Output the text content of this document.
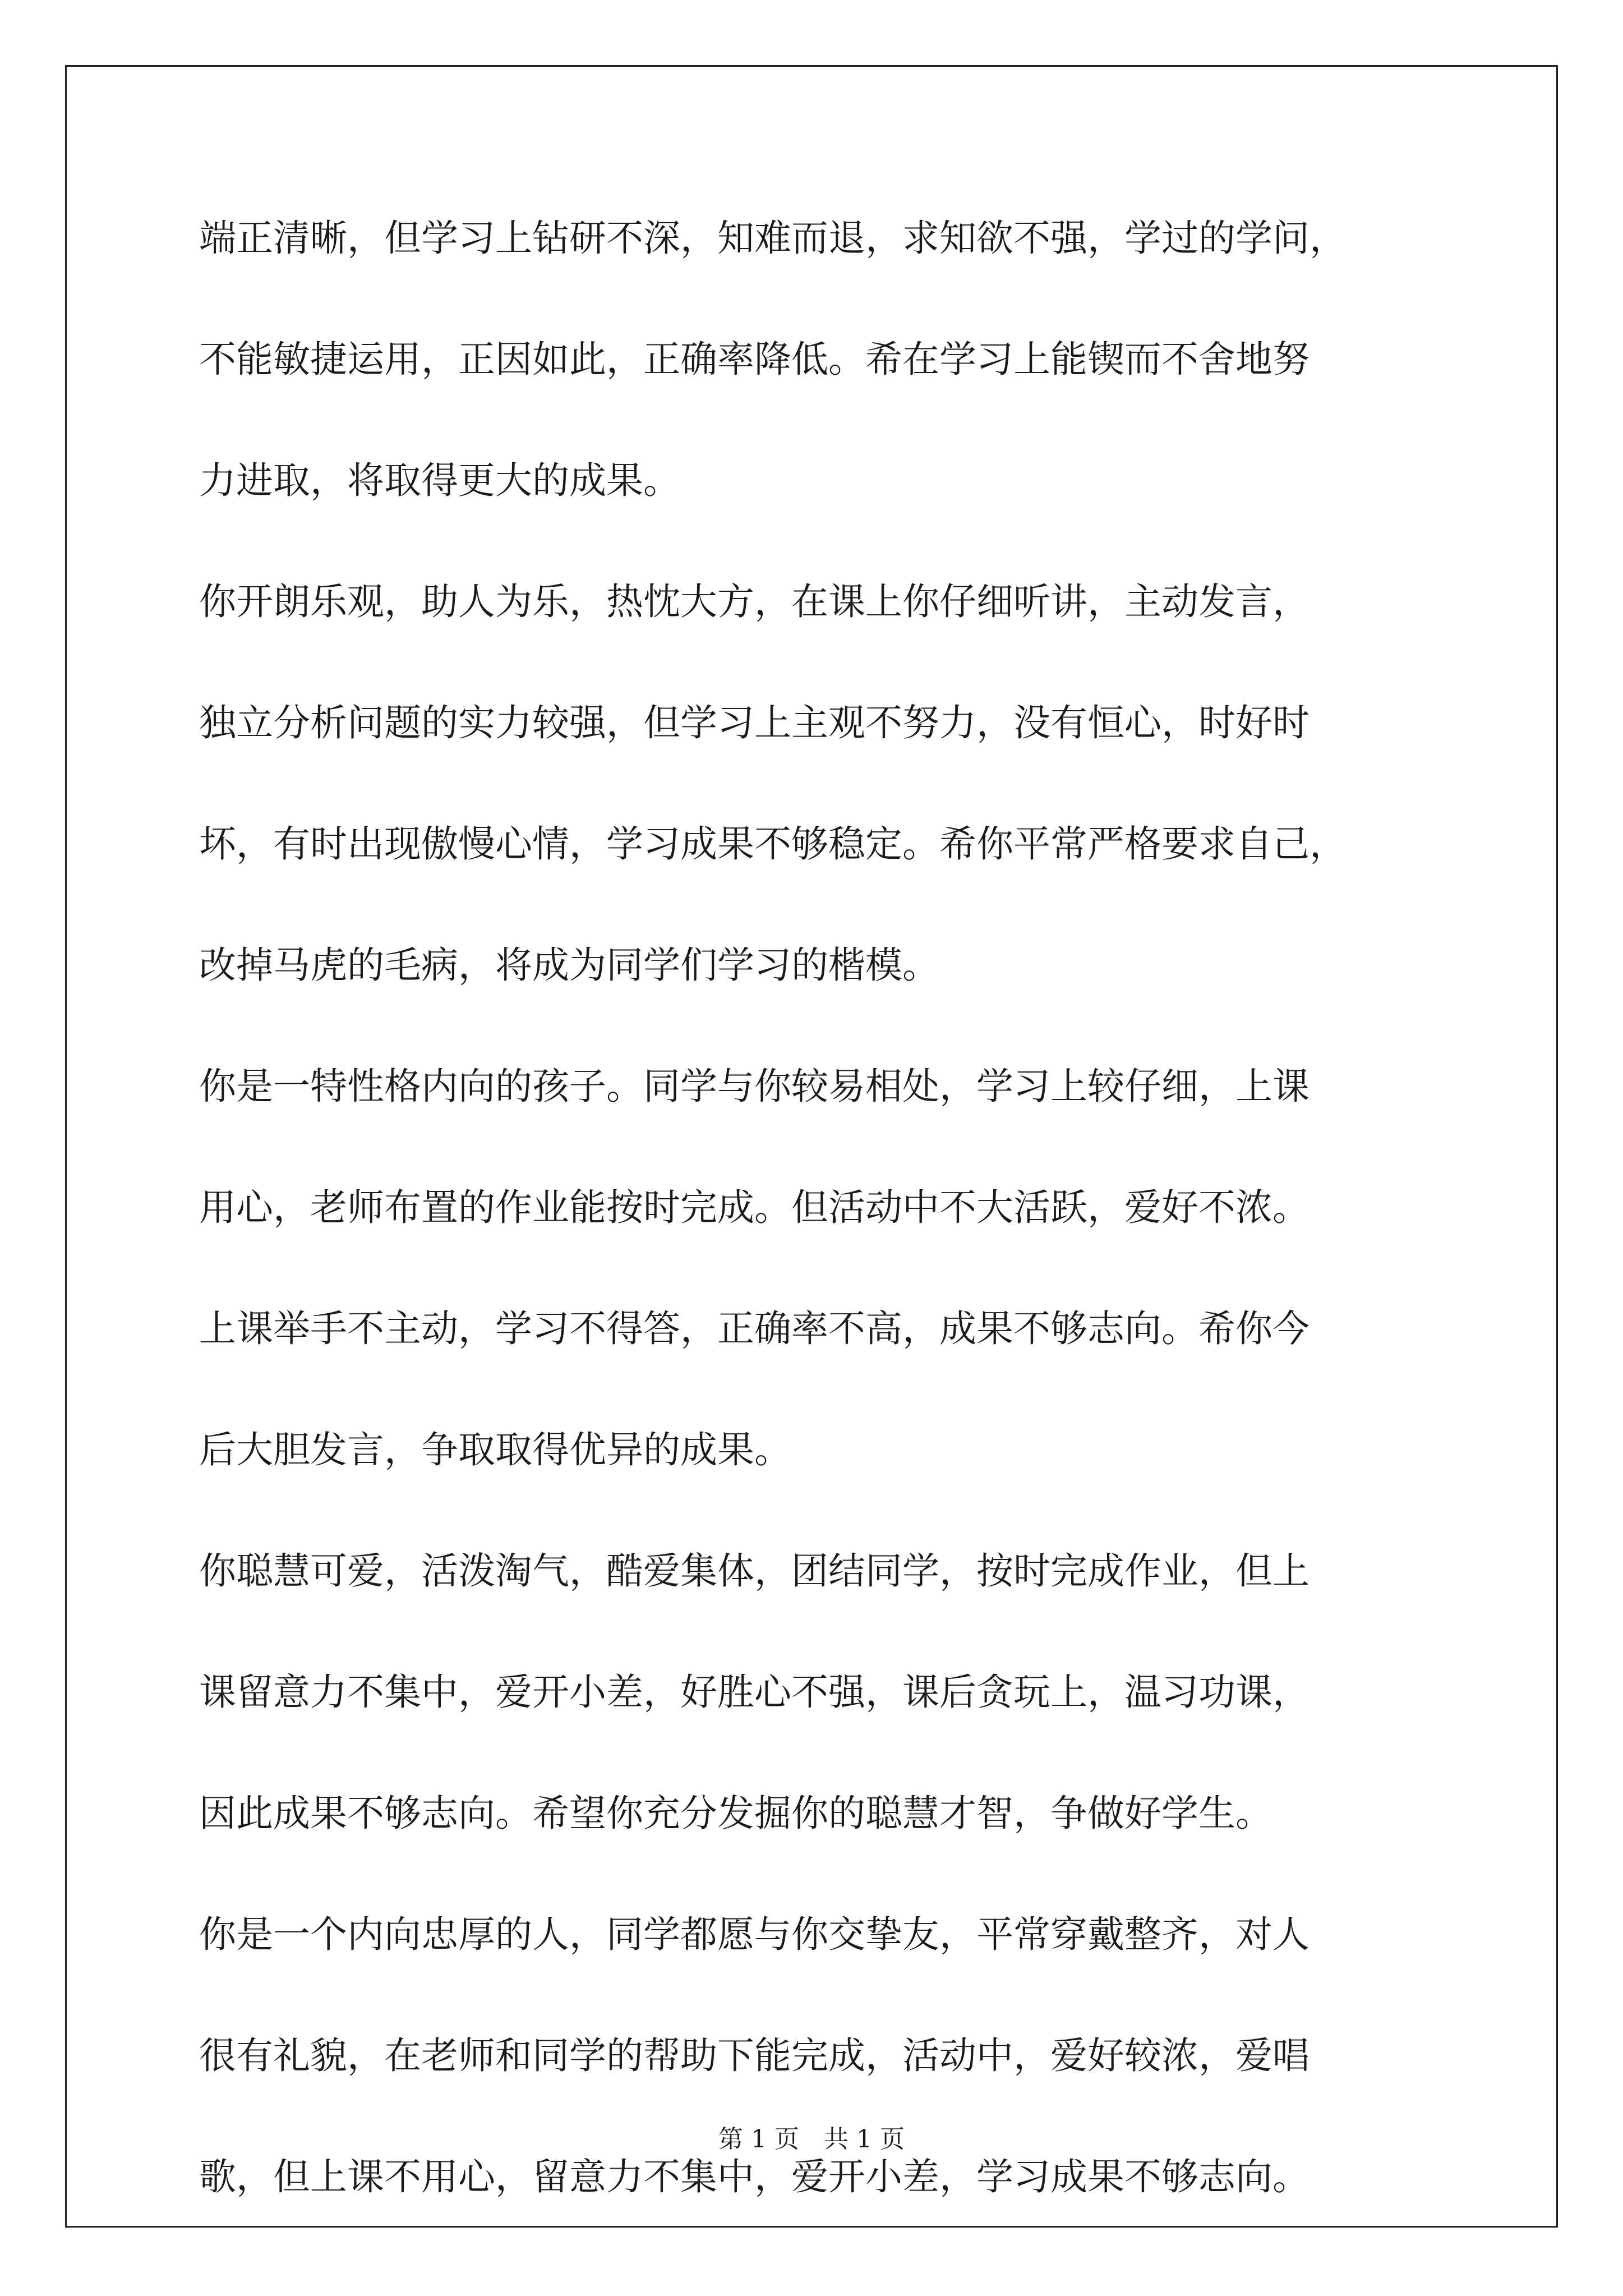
端正清晰，但学习上钻研不深，知难而退，求知欲不强，学过的学问，
不能敏捷运用，正因如此，正确率降低。希在学习上能锲而不舍地努
力进取，将取得更大的成果。
你开朗乐观，助人为乐，热忱大方，在课上你仔细听讲，主动发言，
独立分析问题的实力较强，但学习上主观不努力，没有恒心，时好时
坏，有时出现傲慢心情，学习成果不够稳定。希你平常严格要求自己，
改掉马虎的毛病，将成为同学们学习的楷模。
你是一特性格内向的孩子。同学与你较易相处，学习上较仔细，上课
用心，老师布置的作业能按时完成。但活动中不大活跃，爱好不浓。
上课举手不主动，学习不得答，正确率不高，成果不够志向。希你今
后大胆发言，争取取得优异的成果。
你聪慧可爱，活泼淘气，酷爱集体，团结同学，按时完成作业，但上
课留意力不集中，爱开小差，好胜心不强，课后贪玩上，温习功课，
因此成果不够志向。希望你充分发掘你的聪慧才智，争做好学生。
你是一个内向忠厚的人，同学都愿与你交挚友，平常穿戴整齐，对人
很有礼貌，在老师和同学的帮助下能完成，活动中，爱好较浓，爱唱
歌，但上课不用心，留意力不集中，爱开小差，学习成果不够志向。
第 1 页　共 1 页
